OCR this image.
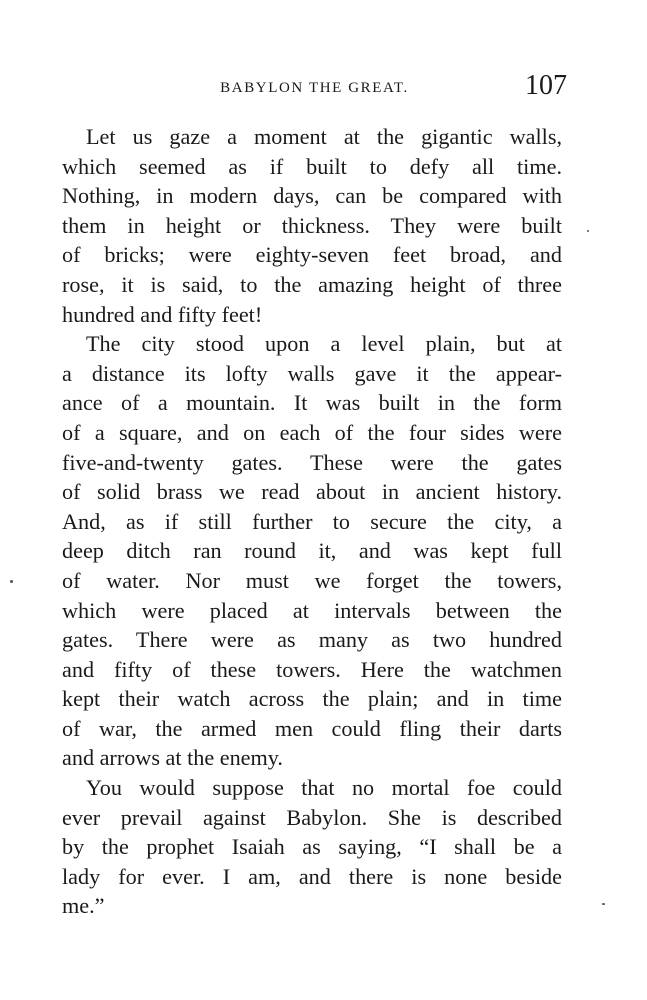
BABYLON THE GREAT.	107

Let us gaze a moment at the gigantic walls,
which seemed as if built to defy all time.
Nothing, in modern days, can be compared with
them in height or thickness. They were built
of bricks; were eighty-seven feet broad, and
rose, it is said, to the amazing height of three
hundred and fifty feet!

The city stood upon a level plain, but at
a distance its lofty walls gave it the appear-
ance of a mountain. It was built in the form
of a square, and on each of the four sides were
five-and-twenty gates. These were the gates
of solid brass we read about in ancient history.
And, as if still further to secure the city, a
deep ditch ran round it, and was kept full
of water. Nor must we forget the towers,
which were placed at intervals between the
gates. There were as many as two hundred
and fifty of these towers. Here the watchmen
kept their watch across the plain; and in time
of war, the armed men could fling their darts
and arrows at the enemy.

You would suppose that no mortal foe could
ever prevail against Babylon. She is described
by the prophet Isaiah as saying, “I shall be a
lady for ever. I am, and there is none beside
me.”
